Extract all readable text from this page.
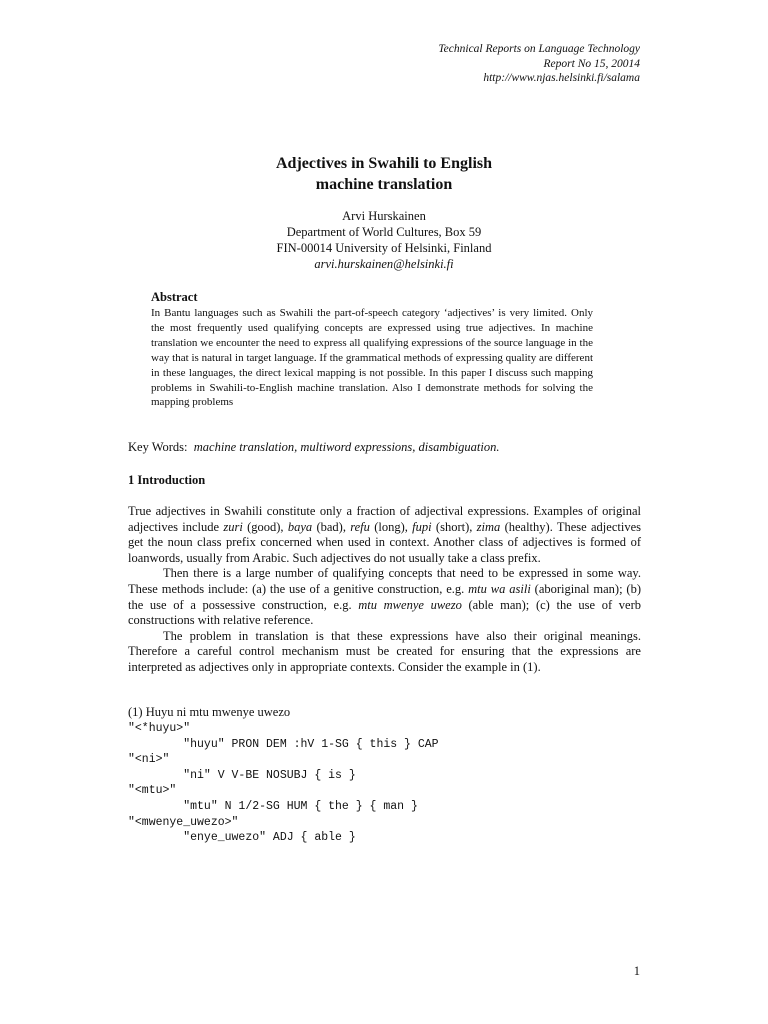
Technical Reports on Language Technology
Report No 15, 20014
http://www.njas.helsinki.fi/salama
Adjectives in Swahili to English
machine translation
Arvi Hurskainen
Department of World Cultures, Box 59
FIN-00014 University of Helsinki, Finland
arvi.hurskainen@helsinki.fi
Abstract
In Bantu languages such as Swahili the part-of-speech category ‘adjectives’ is very limited. Only the most frequently used qualifying concepts are expressed using true adjectives. In machine translation we encounter the need to express all qualifying expressions of the source language in the way that is natural in target language. If the grammatical methods of expressing quality are different in these languages, the direct lexical mapping is not possible. In this paper I discuss such mapping problems in Swahili-to-English machine translation. Also I demonstrate methods for solving the mapping problems
Key Words: machine translation, multiword expressions, disambiguation.
1 Introduction

True adjectives in Swahili constitute only a fraction of adjectival expressions. Examples of original adjectives include zuri (good), baya (bad), refu (long), fupi (short), zima (healthy). These adjectives get the noun class prefix concerned when used in context. Another class of adjectives is formed of loanwords, usually from Arabic. Such adjectives do not usually take a class prefix.

Then there is a large number of qualifying concepts that need to be expressed in some way. These methods include: (a) the use of a genitive construction, e.g. mtu wa asili (aboriginal man); (b) the use of a possessive construction, e.g. mtu mwenye uwezo (able man); (c) the use of verb constructions with relative reference.

The problem in translation is that these expressions have also their original meanings. Therefore a careful control mechanism must be created for ensuring that the expressions are interpreted as adjectives only in appropriate contexts. Consider the example in (1).

(1) Huyu ni mtu mwenye uwezo
"<*huyu>"
"huyu" PRON DEM :hV 1-SG { this } CAP
"<ni>"
"ni" V V-BE NOSUBJ { is }
"<mtu>"
"mtu" N 1/2-SG HUM { the } { man }
"<mwenye_uwezo>"
"enye_uwezo" ADJ { able }
1
